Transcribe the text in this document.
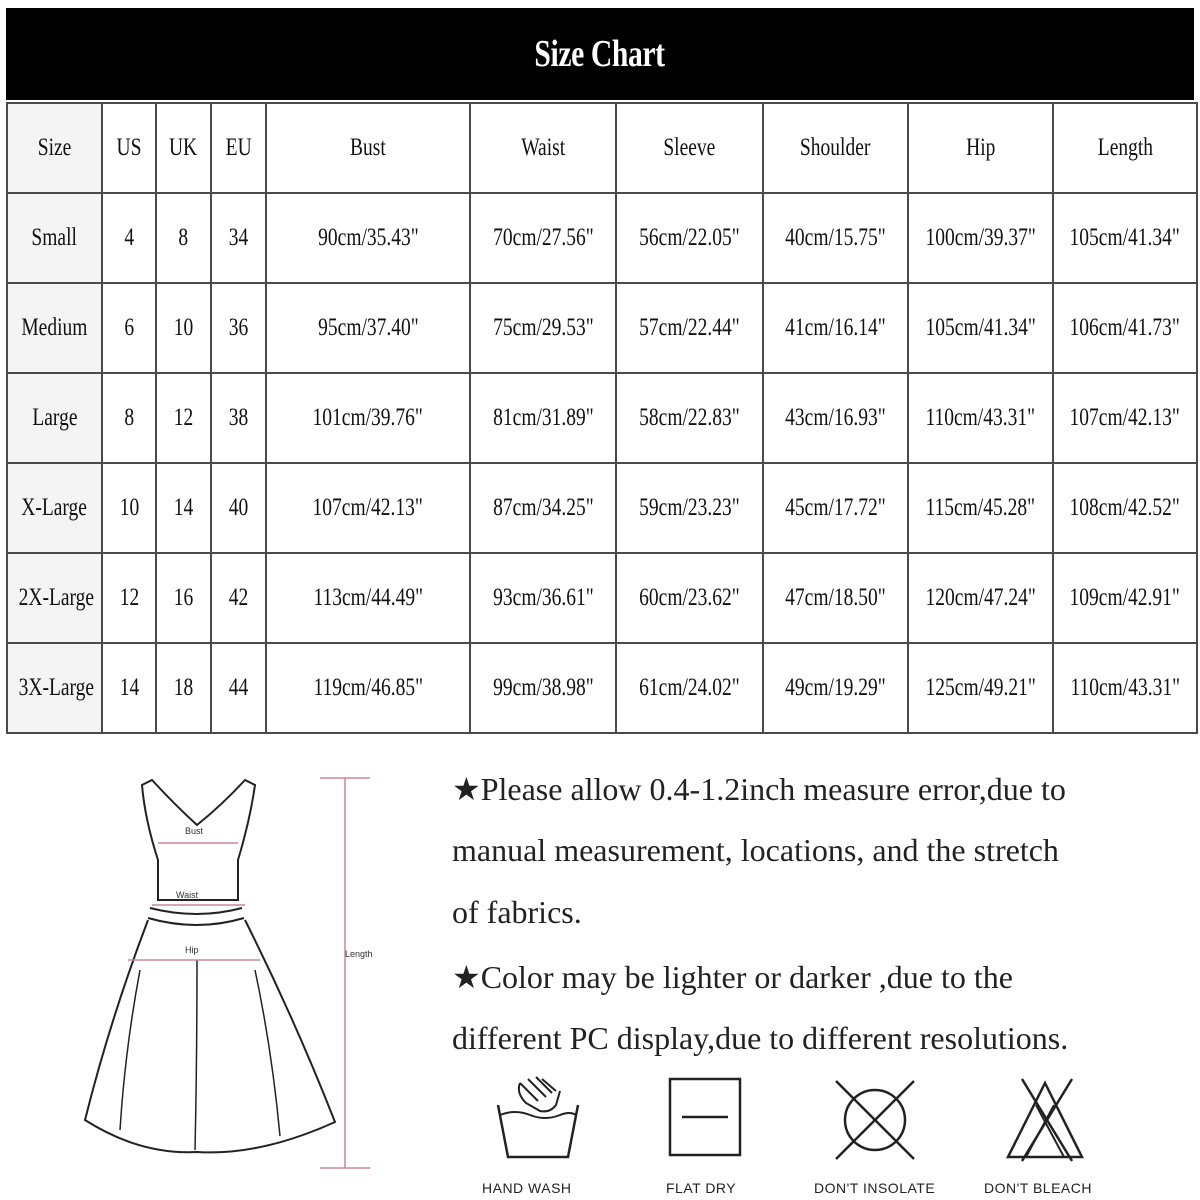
Size Chart
Size	US	UK	EU	Bust	Waist	Sleeve	Shoulder	Hip	Length
Small	4	8	34	90cm/35.43"	70cm/27.56"	56cm/22.05"	40cm/15.75"	100cm/39.37"	105cm/41.34"
Medium	6	10	36	95cm/37.40"	75cm/29.53"	57cm/22.44"	41cm/16.14"	105cm/41.34"	106cm/41.73"
Large	8	12	38	101cm/39.76"	81cm/31.89"	58cm/22.83"	43cm/16.93"	110cm/43.31"	107cm/42.13"
X-Large	10	14	40	107cm/42.13"	87cm/34.25"	59cm/23.23"	45cm/17.72"	115cm/45.28"	108cm/42.52"
2X-Large	12	16	42	113cm/44.49"	93cm/36.61"	60cm/23.62"	47cm/18.50"	120cm/47.24"	109cm/42.91"
3X-Large	14	18	44	119cm/46.85"	99cm/38.98"	61cm/24.02"	49cm/19.29"	125cm/49.21"	110cm/43.31"
Bust
Waist
Hip	Length
★Please allow 0.4-1.2inch measure error,due to
manual measurement, locations, and the stretch
of fabrics.
★Color may be lighter or darker ,due to the
different PC display,due to different resolutions.
HAND WASH	FLAT DRY	DON'T INSOLATE	DON'T BLEACH
